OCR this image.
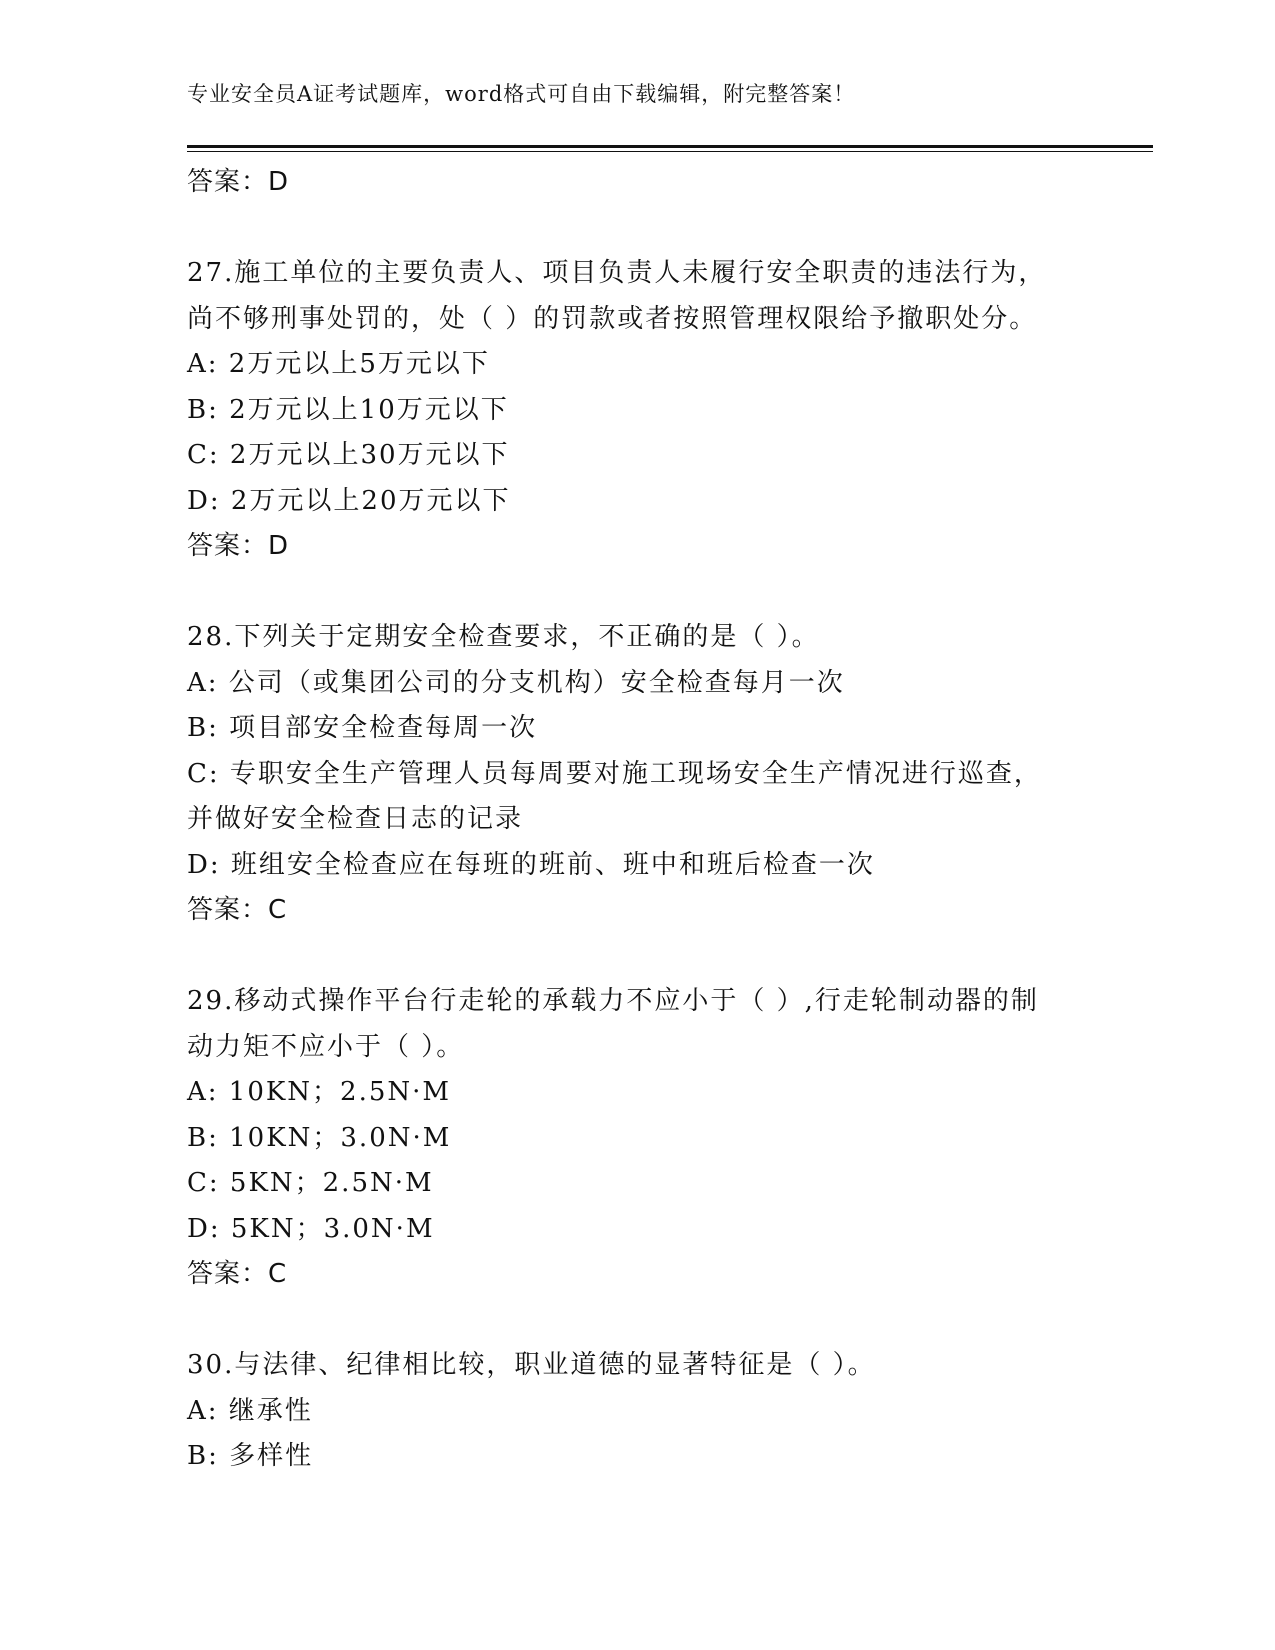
专业安全员A证考试题库，word格式可自由下载编辑，附完整答案！
答案：D
27.施工单位的主要负责人、项目负责人未履行安全职责的违法行为，
尚不够刑事处罚的，处（ ）的罚款或者按照管理权限给予撤职处分。
A: 2万元以上5万元以下
B: 2万元以上10万元以下
C: 2万元以上30万元以下
D: 2万元以上20万元以下
答案：D
28.下列关于定期安全检查要求，不正确的是（ ）。
A: 公司（或集团公司的分支机构）安全检查每月一次
B: 项目部安全检查每周一次
C: 专职安全生产管理人员每周要对施工现场安全生产情况进行巡查，
并做好安全检查日志的记录
D: 班组安全检查应在每班的班前、班中和班后检查一次
答案：C
29.移动式操作平台行走轮的承载力不应小于（ ）,行走轮制动器的制
动力矩不应小于（ ）。
A: 10KN；2.5N·M
B: 10KN；3.0N·M
C: 5KN；2.5N·M
D: 5KN；3.0N·M
答案：C
30.与法律、纪律相比较，职业道德的显著特征是（ ）。
A: 继承性
B: 多样性
